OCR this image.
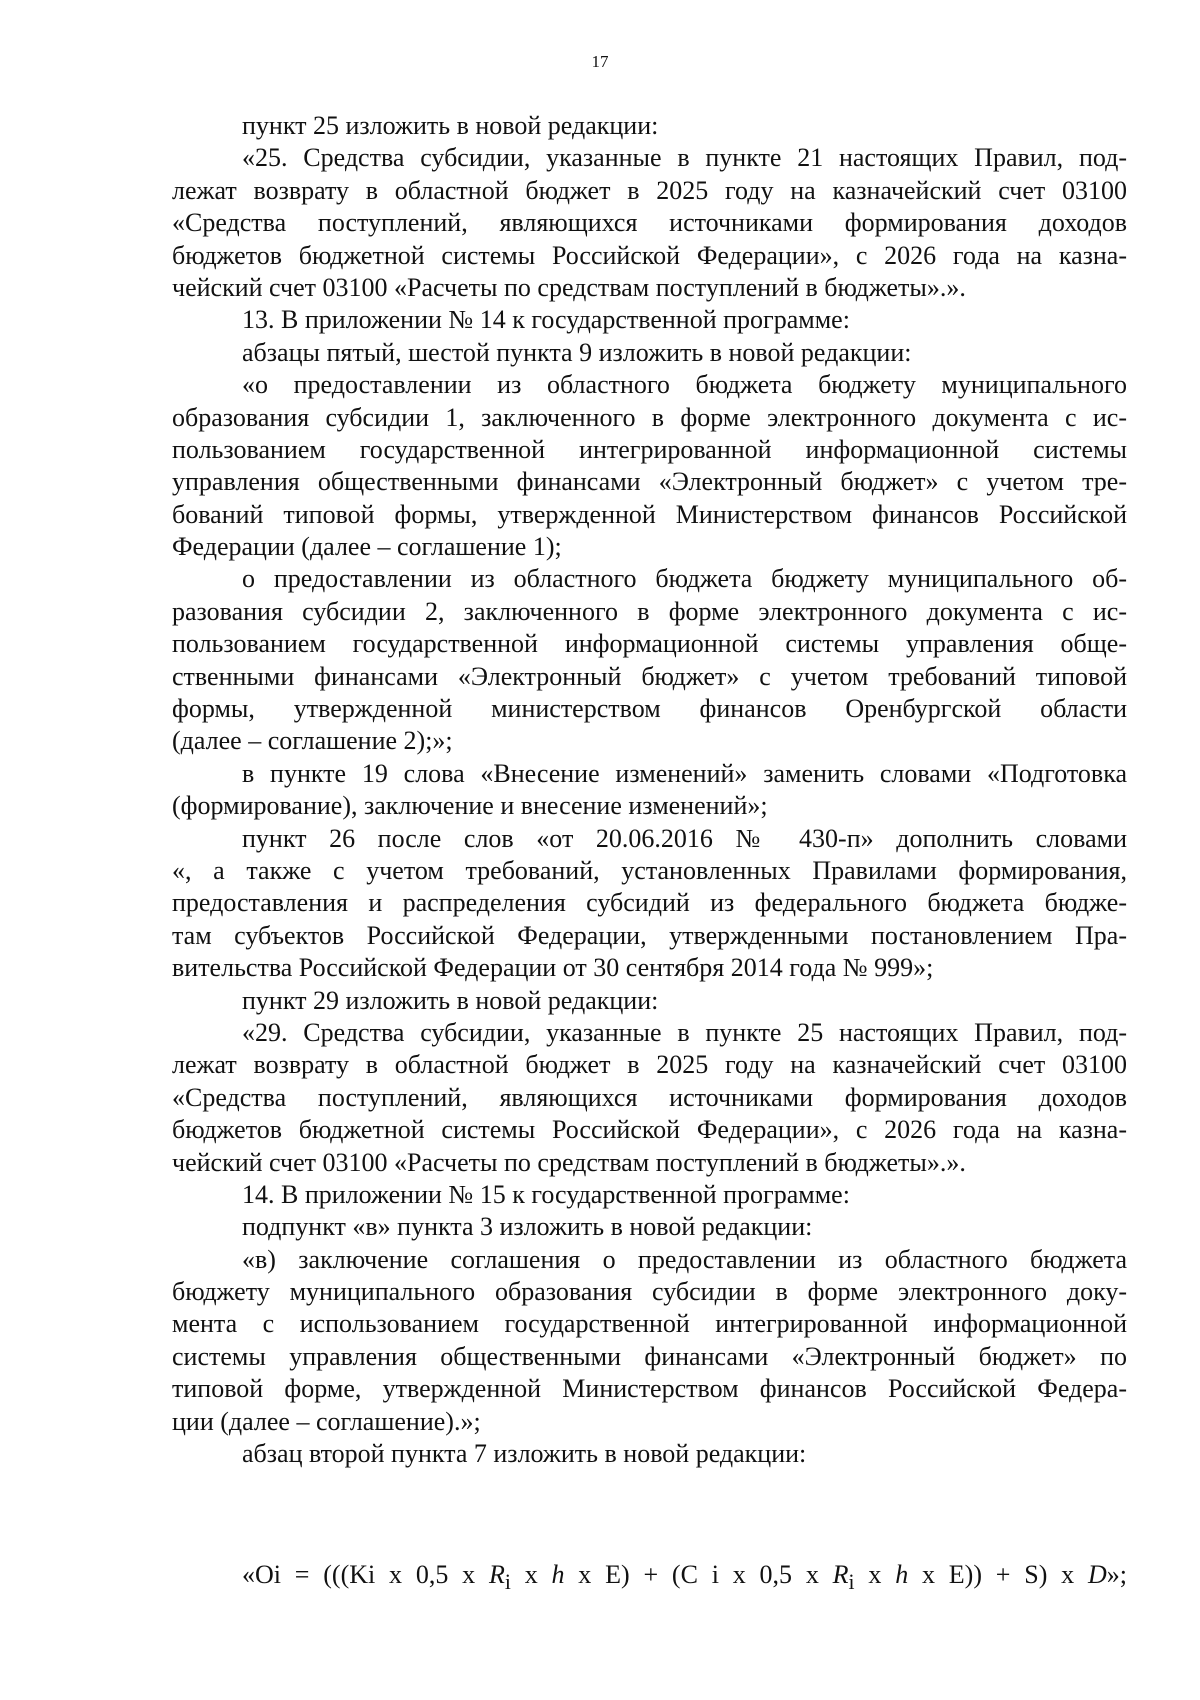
17
пункт 25 изложить в новой редакции:
«25. Средства субсидии, указанные в пункте 21 настоящих Правил, под-
лежат возврату в областной бюджет в 2025 году на казначейский счет 03100
«Средства поступлений, являющихся источниками формирования доходов
бюджетов бюджетной системы Российской Федерации», с 2026 года на казна-
чейский счет 03100 «Расчеты по средствам поступлений в бюджеты».».
13. В приложении № 14 к государственной программе:
абзацы пятый, шестой пункта 9 изложить в новой редакции:
«о предоставлении из областного бюджета бюджету муниципального
образования субсидии 1, заключенного в форме электронного документа с ис-
пользованием государственной интегрированной информационной системы
управления общественными финансами «Электронный бюджет» с учетом тре-
бований типовой формы, утвержденной Министерством финансов Российской
Федерации (далее – соглашение 1);
о предоставлении из областного бюджета бюджету муниципального об-
разования субсидии 2, заключенного в форме электронного документа с ис-
пользованием государственной информационной системы управления обще-
ственными финансами «Электронный бюджет» с учетом требований типовой
формы, утвержденной министерством финансов Оренбургской области
(далее – соглашение 2);»;
в пункте 19 слова «Внесение изменений» заменить словами «Подготовка
(формирование), заключение и внесение изменений»;
пункт 26 после слов «от 20.06.2016 № 430-п» дополнить словами
«, а также с учетом требований, установленных Правилами формирования,
предоставления и распределения субсидий из федерального бюджета бюдже-
там субъектов Российской Федерации, утвержденными постановлением Пра-
вительства Российской Федерации от 30 сентября 2014 года № 999»;
пункт 29 изложить в новой редакции:
«29. Средства субсидии, указанные в пункте 25 настоящих Правил, под-
лежат возврату в областной бюджет в 2025 году на казначейский счет 03100
«Средства поступлений, являющихся источниками формирования доходов
бюджетов бюджетной системы Российской Федерации», с 2026 года на казна-
чейский счет 03100 «Расчеты по средствам поступлений в бюджеты».».
14. В приложении № 15 к государственной программе:
подпункт «в» пункта 3 изложить в новой редакции:
«в) заключение соглашения о предоставлении из областного бюджета
бюджету муниципального образования субсидии в форме электронного доку-
мента с использованием государственной интегрированной информационной
системы управления общественными финансами «Электронный бюджет» по
типовой форме, утвержденной Министерством финансов Российской Федера-
ции (далее – соглашение).»;
абзац второй пункта 7 изложить в новой редакции:
«Oi = (((Ki x 0,5 x $R_i$ x h x E) + (C i x 0,5 x $R_i$ x h x E)) + S) x D»;
